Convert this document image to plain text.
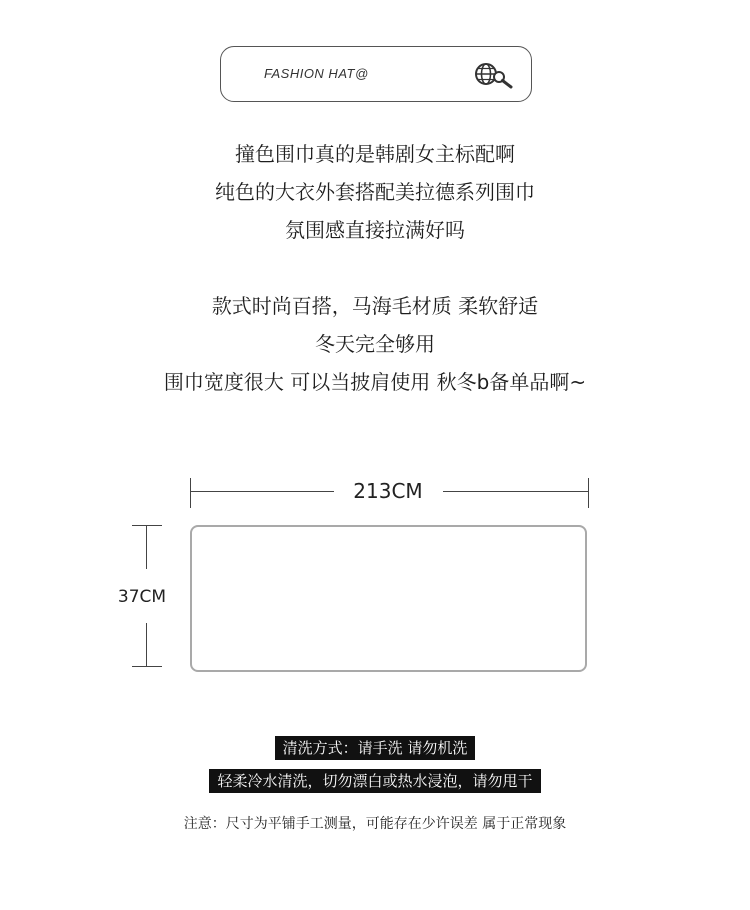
FASHION HAT@
撞色围巾真的是韩剧女主标配啊
纯色的大衣外套搭配美拉德系列围巾
氛围感直接拉满好吗
款式时尚百搭，马海毛材质 柔软舒适
冬天完全够用
围巾宽度很大 可以当披肩使用 秋冬b备单品啊~
213CM
37CM
清洗方式：请手洗 请勿机洗
轻柔冷水清洗，切勿漂白或热水浸泡，请勿甩干
注意：尺寸为平铺手工测量，可能存在少许误差 属于正常现象
